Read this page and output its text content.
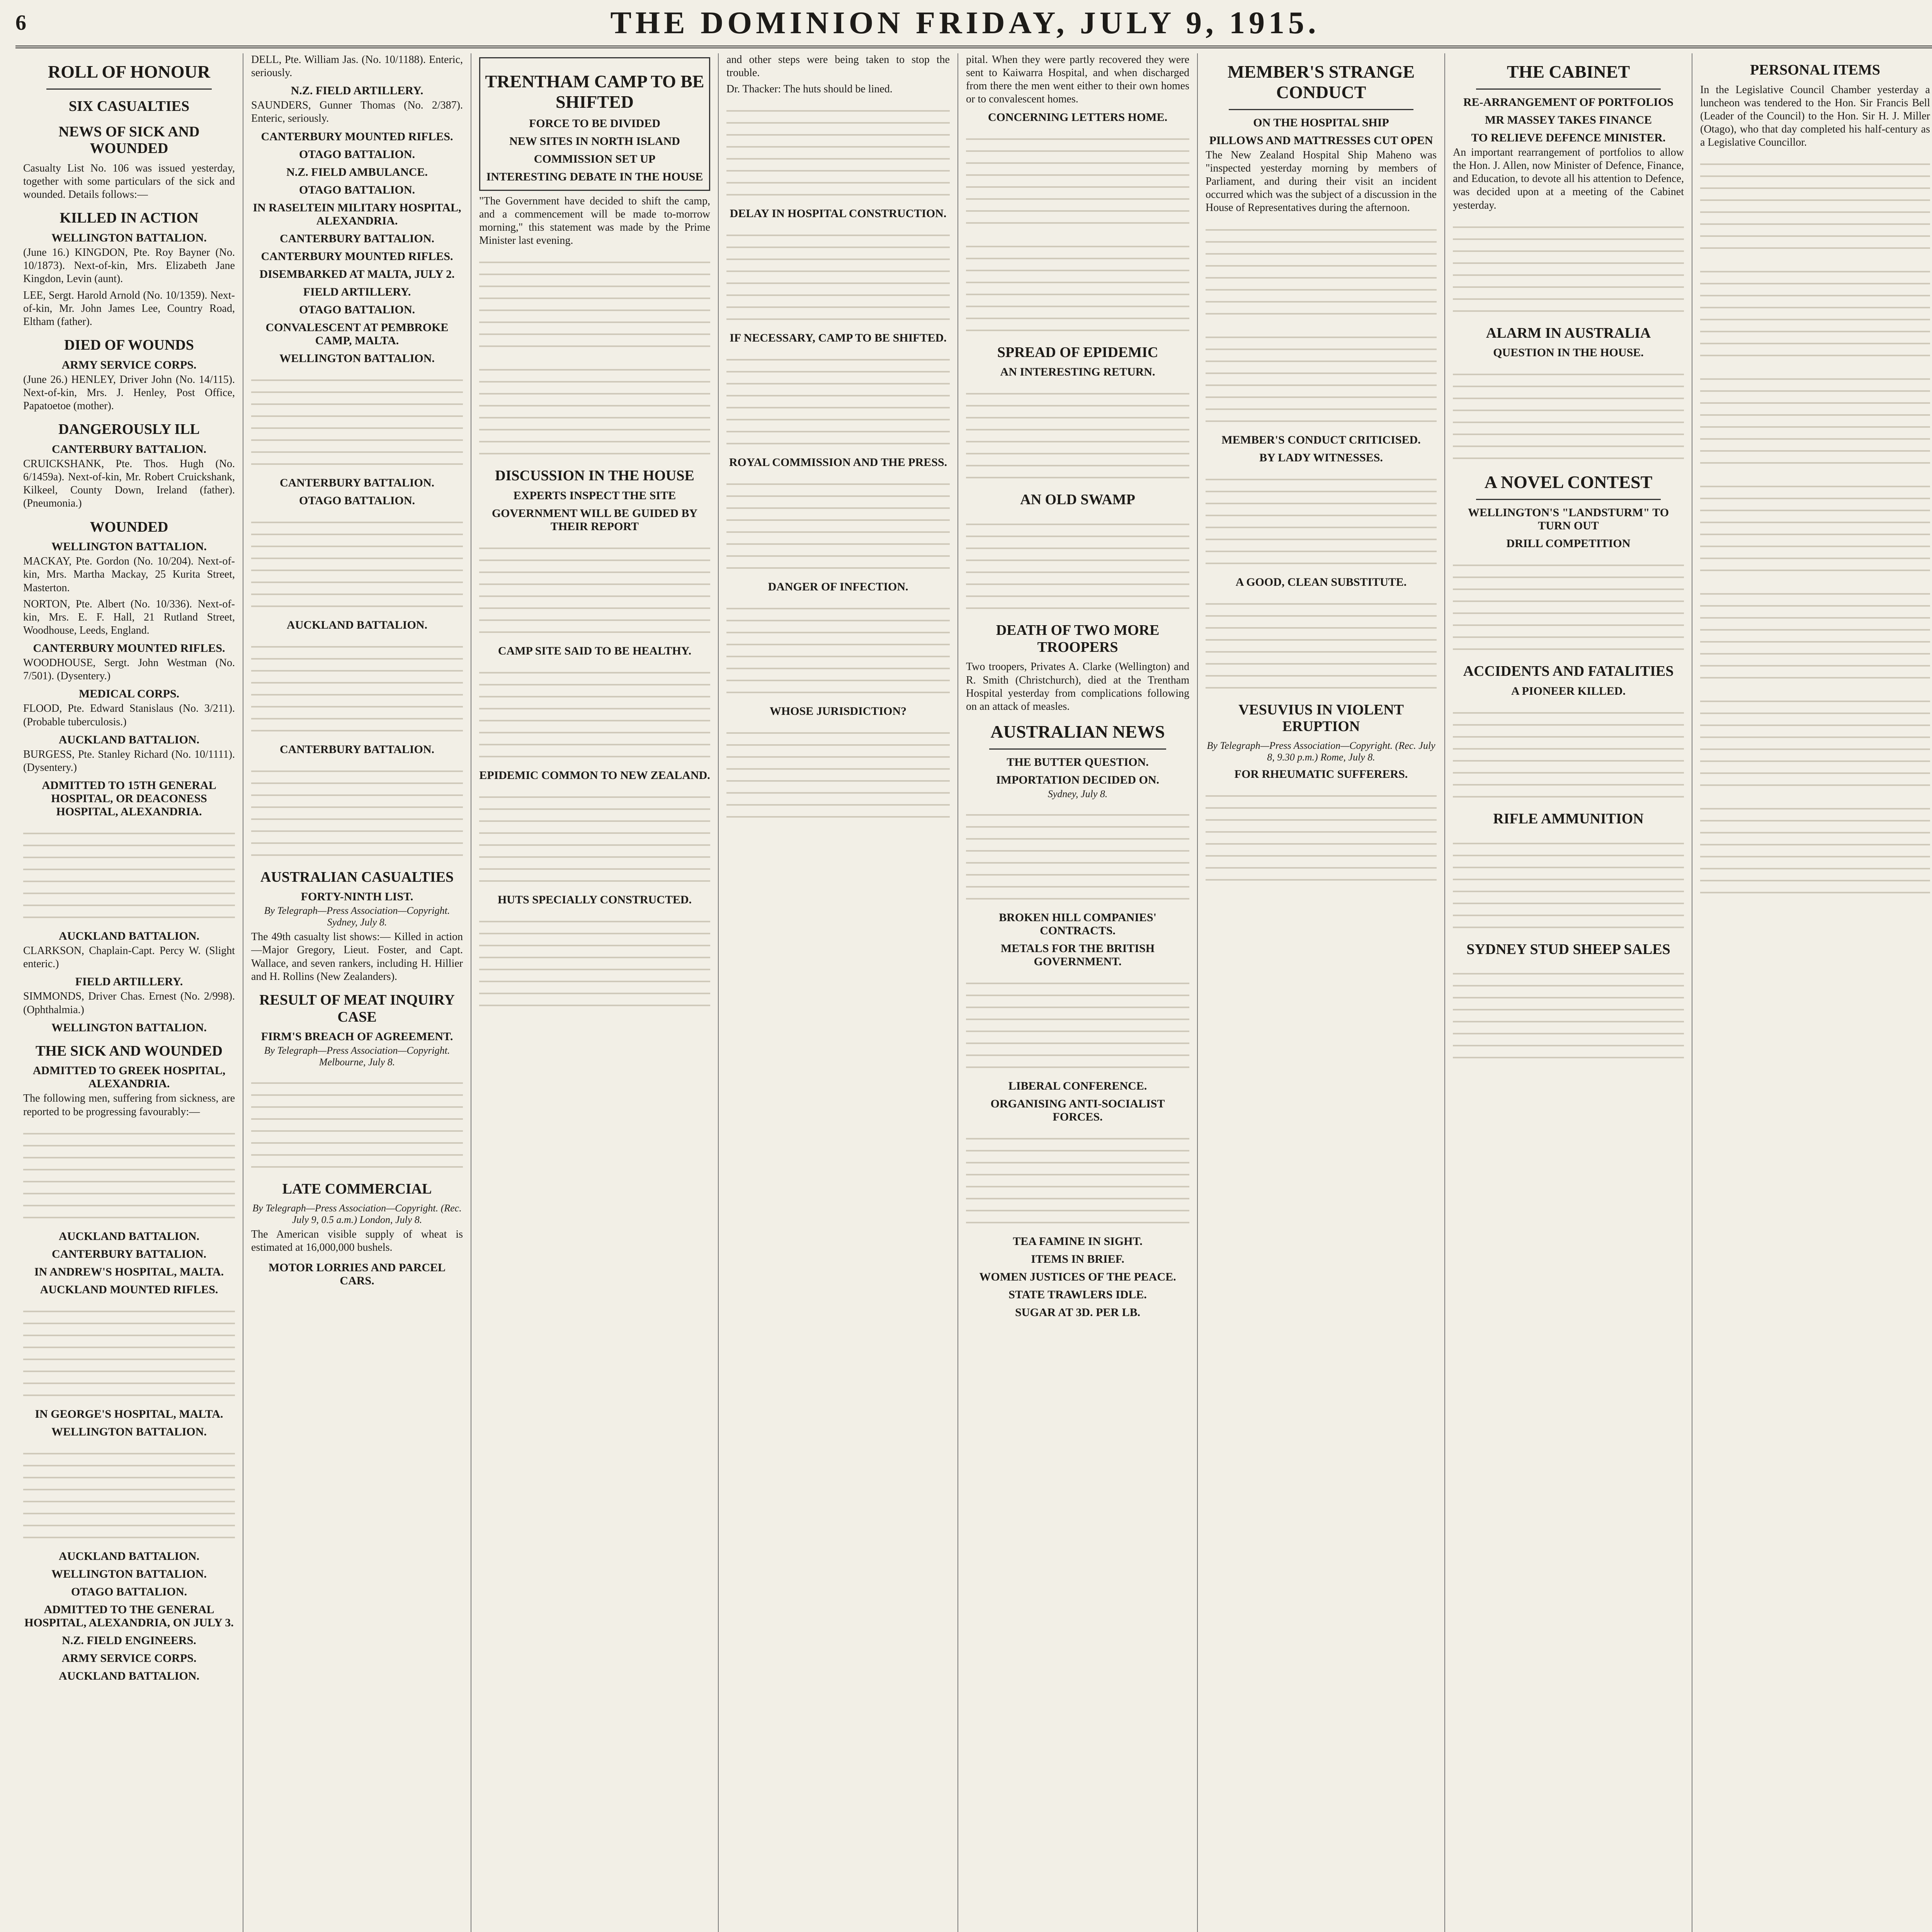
6	THE DOMINION FRIDAY, JULY 9, 1915.
ROLL OF HONOUR
SIX CASUALTIES
NEWS OF SICK AND WOUNDED

Casualty List No. 106 was issued yesterday, together with some particulars of the sick and wounded. Details follows:—

KILLED IN ACTION
WELLINGTON BATTALION.

(June 16.) KINGDON, Pte. Roy Bayner (No. 10/1873). Next-of-kin, Mrs. Elizabeth Jane Kingdon, Levin (aunt).

LEE, Sergt. Harold Arnold (No. 10/1359). Next-of-kin, Mr. John James Lee, Country Road, Eltham (father).

DIED OF WOUNDS
ARMY SERVICE CORPS.

(June 26.) HENLEY, Driver John (No. 14/115). Next-of-kin, Mrs. J. Henley, Post Office, Papatoetoe (mother).

DANGEROUSLY ILL
CANTERBURY BATTALION.

CRUICKSHANK, Pte. Thos. Hugh (No. 6/1459a). Next-of-kin, Mr. Robert Cruickshank, Kilkeel, County Down, Ireland (father). (Pneumonia.)

WOUNDED
WELLINGTON BATTALION.

MACKAY, Pte. Gordon (No. 10/204). Next-of-kin, Mrs. Martha Mackay, 25 Kurita Street, Masterton.

NORTON, Pte. Albert (No. 10/336). Next-of-kin, Mrs. E. F. Hall, 21 Rutland Street, Woodhouse, Leeds, England.

CANTERBURY MOUNTED RIFLES.

WOODHOUSE, Sergt. John Westman (No. 7/501). (Dysentery.)

MEDICAL CORPS.

FLOOD, Pte. Edward Stanislaus (No. 3/211). (Probable tuberculosis.)

AUCKLAND BATTALION.

BURGESS, Pte. Stanley Richard (No. 10/1111). (Dysentery.)

ADMITTED TO 15TH GENERAL HOSPITAL, OR DEACONESS HOSPITAL, ALEXANDRIA.
AUCKLAND BATTALION.

CLARKSON, Chaplain-Capt. Percy W. (Slight enteric.)

FIELD ARTILLERY.

SIMMONDS, Driver Chas. Ernest (No. 2/998). (Ophthalmia.)

WELLINGTON BATTALION.
THE SICK AND WOUNDED
ADMITTED TO GREEK HOSPITAL, ALEXANDRIA.

The following men, suffering from sickness, are reported to be progressing favourably:—

AUCKLAND BATTALION.
CANTERBURY BATTALION.
IN ANDREW'S HOSPITAL, MALTA.
AUCKLAND MOUNTED RIFLES.
IN GEORGE'S HOSPITAL, MALTA.
WELLINGTON BATTALION.
AUCKLAND BATTALION.
WELLINGTON BATTALION.
OTAGO BATTALION.
ADMITTED TO THE GENERAL HOSPITAL, ALEXANDRIA, ON JULY 3.
N.Z. FIELD ENGINEERS.
ARMY SERVICE CORPS.
AUCKLAND BATTALION.

DELL, Pte. William Jas. (No. 10/1188). Enteric, seriously.

N.Z. FIELD ARTILLERY.

SAUNDERS, Gunner Thomas (No. 2/387). Enteric, seriously.

CANTERBURY MOUNTED RIFLES.
OTAGO BATTALION.
N.Z. FIELD AMBULANCE.
OTAGO BATTALION.
IN RASELTEIN MILITARY HOSPITAL, ALEXANDRIA.
CANTERBURY BATTALION.
CANTERBURY MOUNTED RIFLES.
DISEMBARKED AT MALTA, JULY 2.
FIELD ARTILLERY.
OTAGO BATTALION.
CONVALESCENT AT PEMBROKE CAMP, MALTA.
WELLINGTON BATTALION.
CANTERBURY BATTALION.
OTAGO BATTALION.
AUCKLAND BATTALION.
CANTERBURY BATTALION.
AUSTRALIAN CASUALTIES
FORTY-NINTH LIST.
By Telegraph—Press Association—Copyright. Sydney, July 8.

The 49th casualty list shows:— Killed in action—Major Gregory, Lieut. Foster, and Capt. Wallace, and seven rankers, including H. Hillier and H. Rollins (New Zealanders).

RESULT OF MEAT INQUIRY CASE
FIRM'S BREACH OF AGREEMENT.
By Telegraph—Press Association—Copyright. Melbourne, July 8.
LATE COMMERCIAL
By Telegraph—Press Association—Copyright. (Rec. July 9, 0.5 a.m.) London, July 8.

The American visible supply of wheat is estimated at 16,000,000 bushels.

MOTOR LORRIES AND PARCEL CARS.
TRENTHAM CAMP TO BE SHIFTED
FORCE TO BE DIVIDED
NEW SITES IN NORTH ISLAND
COMMISSION SET UP
INTERESTING DEBATE IN THE HOUSE

"The Government have decided to shift the camp, and a commencement will be made to-morrow morning," this statement was made by the Prime Minister last evening.

DISCUSSION IN THE HOUSE
EXPERTS INSPECT THE SITE
GOVERNMENT WILL BE GUIDED BY THEIR REPORT
CAMP SITE SAID TO BE HEALTHY.
EPIDEMIC COMMON TO NEW ZEALAND.
HUTS SPECIALLY CONSTRUCTED.

and other steps were being taken to stop the trouble.

Dr. Thacker: The huts should be lined.

DELAY IN HOSPITAL CONSTRUCTION.
IF NECESSARY, CAMP TO BE SHIFTED.
ROYAL COMMISSION AND THE PRESS.
DANGER OF INFECTION.
WHOSE JURISDICTION?

pital. When they were partly recovered they were sent to Kaiwarra Hospital, and when discharged from there the men went either to their own homes or to convalescent homes.

CONCERNING LETTERS HOME.
SPREAD OF EPIDEMIC
AN INTERESTING RETURN.
AN OLD SWAMP
DEATH OF TWO MORE TROOPERS

Two troopers, Privates A. Clarke (Wellington) and R. Smith (Christchurch), died at the Trentham Hospital yesterday from complications following on an attack of measles.

AUSTRALIAN NEWS
THE BUTTER QUESTION.
IMPORTATION DECIDED ON.
Sydney, July 8.
BROKEN HILL COMPANIES' CONTRACTS.
METALS FOR THE BRITISH GOVERNMENT.
LIBERAL CONFERENCE.
ORGANISING ANTI-SOCIALIST FORCES.
TEA FAMINE IN SIGHT.
ITEMS IN BRIEF.
WOMEN JUSTICES OF THE PEACE.
STATE TRAWLERS IDLE.
SUGAR AT 3D. PER LB.
MEMBER'S STRANGE CONDUCT
ON THE HOSPITAL SHIP
PILLOWS AND MATTRESSES CUT OPEN

The New Zealand Hospital Ship Maheno was "inspected yesterday morning by members of Parliament, and during their visit an incident occurred which was the subject of a discussion in the House of Representatives during the afternoon.

MEMBER'S CONDUCT CRITICISED.
BY LADY WITNESSES.
A GOOD, CLEAN SUBSTITUTE.
VESUVIUS IN VIOLENT ERUPTION
By Telegraph—Press Association—Copyright. (Rec. July 8, 9.30 p.m.) Rome, July 8.
FOR RHEUMATIC SUFFERERS.
THE CABINET
RE-ARRANGEMENT OF PORTFOLIOS
MR MASSEY TAKES FINANCE
TO RELIEVE DEFENCE MINISTER.

An important rearrangement of portfolios to allow the Hon. J. Allen, now Minister of Defence, Finance, and Education, to devote all his attention to Defence, was decided upon at a meeting of the Cabinet yesterday.

ALARM IN AUSTRALIA
QUESTION IN THE HOUSE.
A NOVEL CONTEST
WELLINGTON'S "LANDSTURM" TO TURN OUT
DRILL COMPETITION
ACCIDENTS AND FATALITIES
A PIONEER KILLED.
RIFLE AMMUNITION
SYDNEY STUD SHEEP SALES
PERSONAL ITEMS

In the Legislative Council Chamber yesterday a luncheon was tendered to the Hon. Sir Francis Bell (Leader of the Council) to the Hon. Sir H. J. Miller (Otago), who that day completed his half-century as a Legislative Councillor.
